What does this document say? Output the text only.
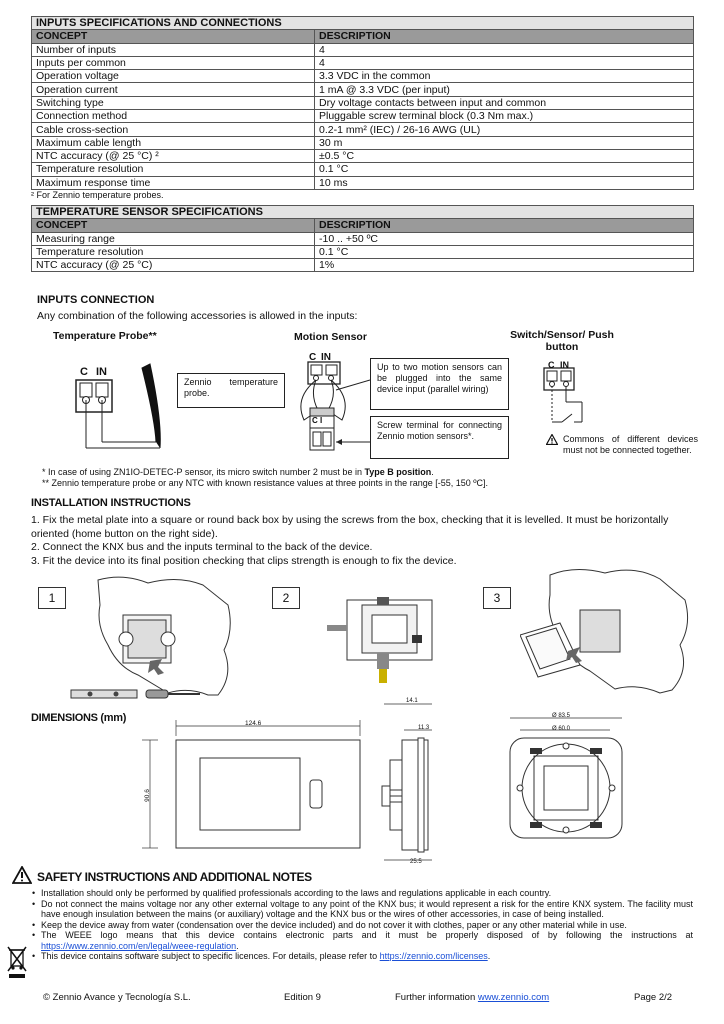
INPUTS SPECIFICATIONS AND CONNECTIONS	
CONCEPT	DESCRIPTION
Number of inputs	4
Inputs per common	4
Operation voltage	3.3 VDC in the common
Operation current	1 mA @ 3.3 VDC (per input)
Switching type	Dry voltage contacts between input and common
Connection method	Pluggable screw terminal block (0.3 Nm max.)
Cable cross-section	0.2-1 mm² (IEC) / 26-16 AWG (UL)
Maximum cable length	30 m
NTC accuracy (@ 25 °C) ²	±0.5 °C
Temperature resolution	0.1 °C
Maximum response time	10 ms
² For Zennio temperature probes.
TEMPERATURE SENSOR SPECIFICATIONS	
CONCEPT	DESCRIPTION
Measuring range	-10 .. +50 ºC
Temperature resolution	0.1 °C
NTC accuracy (@ 25 °C)	1%
INPUTS CONNECTION
Any combination of the following accessories is allowed in the inputs:
Temperature Probe**	Motion Sensor	Switch/Sensor/ Push
button
C IN
Zennio temperature probe.
C IN
C I
Up to two motion sensors can be plugged into the same device input (parallel wiring)
Screw terminal for connecting Zennio motion sensors*.
C IN
Commons of different devices must not be connected together.
* In case of using ZN1IO-DETEC-P sensor, its micro switch number 2 must be in Type B position.
** Zennio temperature probe or any NTC with known resistance values at three points in the range [-55, 150 ºC].
INSTALLATION INSTRUCTIONS
1. Fix the metal plate into a square or round back box by using the screws from the box, checking that it is levelled. It must be horizontally oriented (home button on the right side).
2. Connect the KNX bus and the inputs terminal to the back of the device.
3. Fit the device into its final position checking that clips strength is enough to fix the device.
1	2	3
DIMENSIONS (mm)	124.6
90.6
14.1
11.3
25.5
Ø 83.5
Ø 60.0
SAFETY INSTRUCTIONS AND ADDITIONAL NOTES
• Installation should only be performed by qualified professionals according to the laws and regulations applicable in each country.
• Do not connect the mains voltage nor any other external voltage to any point of the KNX bus; it would represent a risk for the entire KNX system. The facility must have enough insulation between the mains (or auxiliary) voltage and the KNX bus or the wires of other accessories, in case of being installed.
• Keep the device away from water (condensation over the device included) and do not cover it with clothes, paper or any other material while in use.
• The WEEE logo means that this device contains electronic parts and it must be properly disposed of by following the instructions at https://www.zennio.com/en/legal/weee-regulation.
• This device contains software subject to specific licences. For details, please refer to https://zennio.com/licenses.
© Zennio Avance y Tecnología S.L.	Edition 9	Further information www.zennio.com	Page 2/2
